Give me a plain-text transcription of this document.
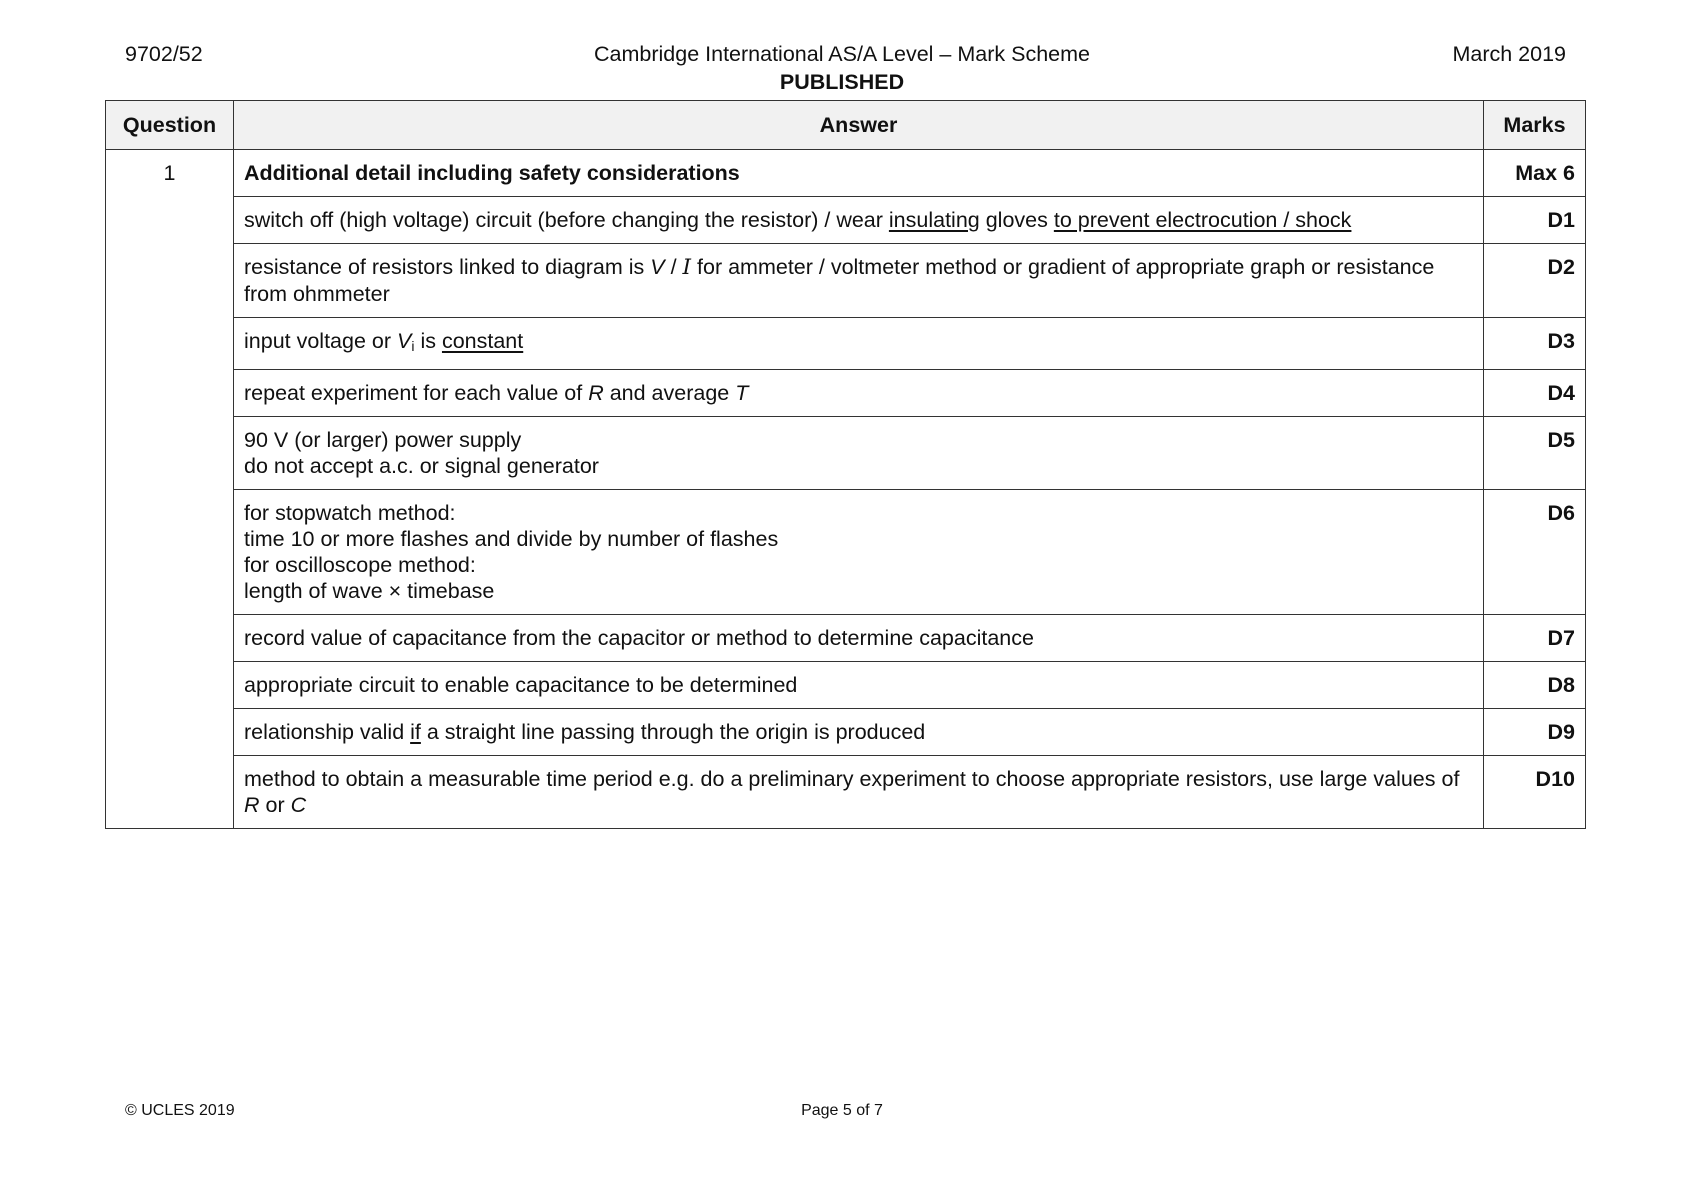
9702/52	Cambridge International AS/A Level – Mark Scheme
PUBLISHED
March 2019
Question	Answer	Marks
1	Additional detail including safety considerations	Max 6
	switch off (high voltage) circuit (before changing the resistor) / wear insulating gloves to prevent electrocution / shock	D1
	resistance of resistors linked to diagram is V / I for ammeter / voltmeter method or gradient of appropriate graph or resistance from ohmmeter	D2
	input voltage or $V_i$ is constant	D3
	repeat experiment for each value of R and average T	D4

	90 V (or larger) power supply
do not accept a.c. or signal generator	D5

	for stopwatch method:
time 10 or more flashes and divide by number of flashes
for oscilloscope method:
length of wave × timebase	D6
	record value of capacitance from the capacitor or method to determine capacitance	D7
	appropriate circuit to enable capacitance to be determined	D8
	relationship valid if a straight line passing through the origin is produced	D9
	method to obtain a measurable time period e.g. do a preliminary experiment to choose appropriate resistors, use large values of R or C	D10
© UCLES 2019	Page 5 of 7
